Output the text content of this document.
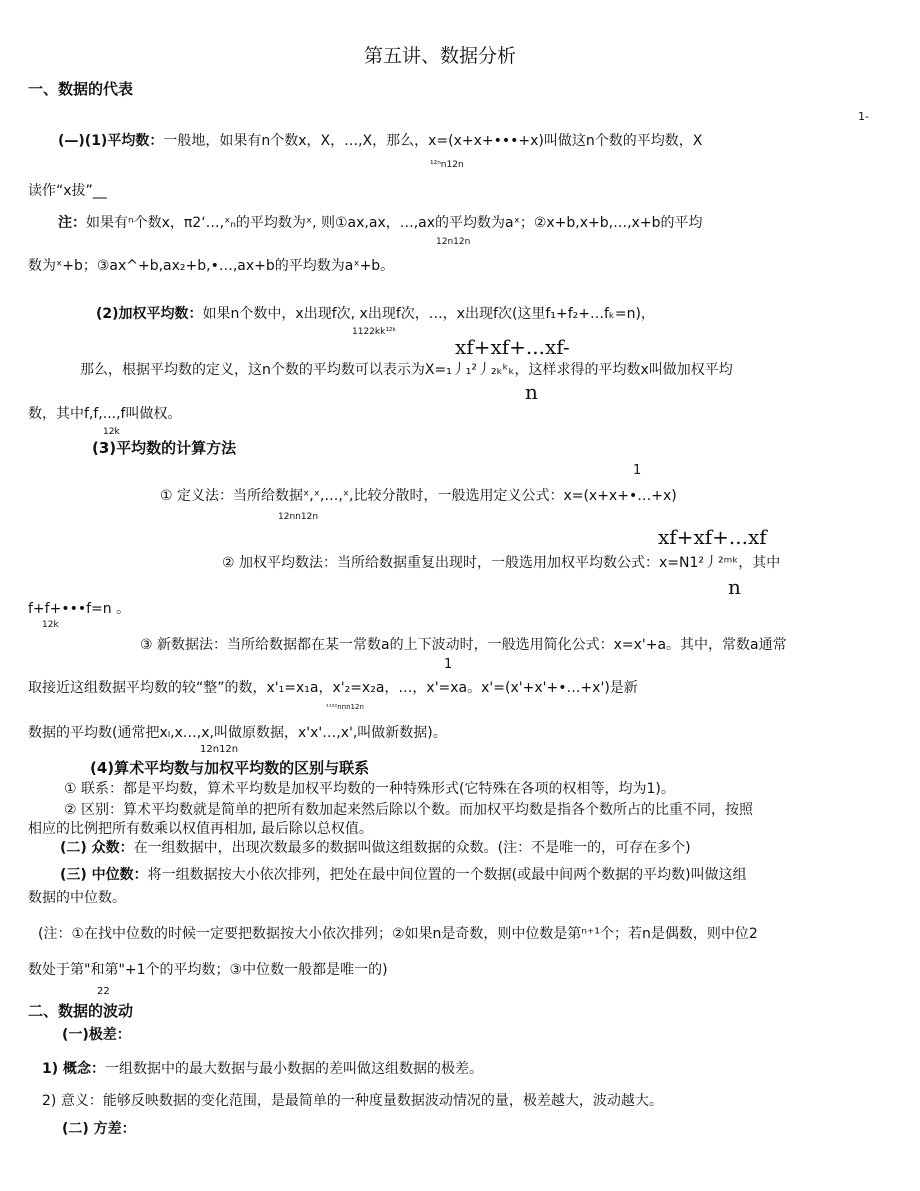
第五讲、数据分析
一、数据的代表
1-
(—)(1)平均数：一般地，如果有n个数x，X，…,X，那么，x=(x+x+•••+x)叫做这n个数的平均数，X
¹²ⁿn12n
读作“x拔”__
注：如果有ⁿ个数x，π2‘…,ˣₙ的平均数为ˣ, 则①ax,ax，…,ax的平均数为aˣ；②x+b,x+b,…,x+b的平均
12n12n
数为ˣ+b；③ax^+b,ax₂+b,•…,ax+b的平均数为aˣ+b。
(2)加权平均数：如果n个数中，x出现f次, x出现f次，…，x出现f次(这里f₁+f₂+…fₖ=n)，
1122kk¹²ᵏ
xf+xf+...xf-
那么，根据平均数的定义，这n个数的平均数可以表示为X=₁丿₁²丿₂ₖᵏₖ，这样求得的平均数x叫做加权平均
n
数，其中f,f,...,f叫做权。
12k
(3)平均数的计算方法
1
① 定义法：当所给数据ˣ,ˣ,…,ˣ,比较分散时，一般选用定义公式：x=(x+x+•…+x)
12nn12n
xf+xf+...xf
② 加权平均数法：当所给数据重复出现时，一般选用加权平均数公式：x=N1²丿²ᵐᵏ，其中
n
f+f+•••f=n 。
12k
③ 新数据法：当所给数据都在某一常数a的上下波动时，一般选用简化公式：x=x'+a。其中，常数a通常
1
取接近这组数据平均数的较“整”的数，x'₁=x₁a，x'₂=x₂a，…，x'=xa。x'=(x'+x'+•…+x')是新
¹¹²²nnn12n
数据的平均数(通常把xₗ,x…,x,叫做原数据，x'x'…,x',叫做新数据)。
12n12n
(4)算术平均数与加权平均数的区别与联系
① 联系：都是平均数，算术平均数是加权平均数的一种特殊形式(它特殊在各项的权相等，均为1)。
② 区别：算术平均数就是简单的把所有数加起来然后除以个数。而加权平均数是指各个数所占的比重不同，按照
相应的比例把所有数乘以权值再相加, 最后除以总权值。
(二) 众数：在一组数据中，出现次数最多的数据叫做这组数据的众数。(注：不是唯一的，可存在多个)
(三) 中位数：将一组数据按大小依次排列，把处在最中间位置的一个数据(或最中间两个数据的平均数)叫做这组
数据的中位数。
(注：①在找中位数的时候一定要把数据按大小依次排列；②如果n是奇数，则中位数是第ⁿ⁺¹个；若n是偶数，则中位2
数处于第"和第"+1个的平均数；③中位数一般都是唯一的)
22
二、数据的波动
(一)极差：
1) 概念：一组数据中的最大数据与最小数据的差叫做这组数据的极差。
2) 意义：能够反映数据的变化范围，是最简单的一种度量数据波动情况的量，极差越大，波动越大。
(二) 方差：
